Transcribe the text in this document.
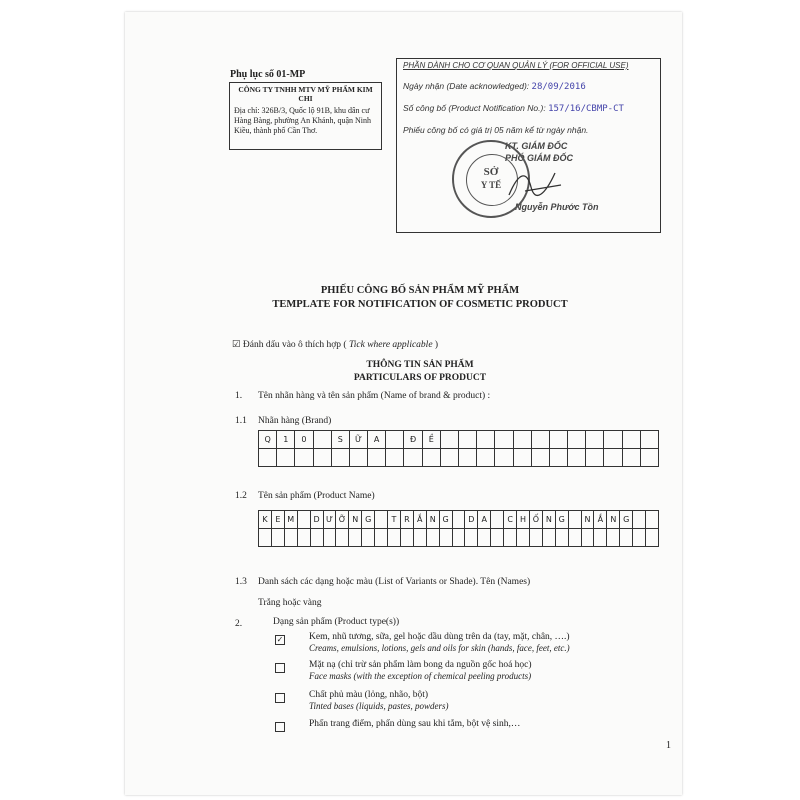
Phụ lục số 01-MP
CÔNG TY TNHH MTV MỸ PHẨM KIM CHI
Địa chỉ: 326B/3, Quốc lộ 91B, khu dân cư Hàng Bàng, phường An Khánh, quận Ninh Kiều, thành phố Cần Thơ.
PHẦN DÀNH CHO CƠ QUAN QUẢN LÝ (FOR OFFICIAL USE)
Ngày nhận (Date acknowledged): 28/09/2016
Số công bố (Product Notification No.): 157/16/CBMP-CT
Phiếu công bố có giá trị 05 năm kể từ ngày nhận.
KT. GIÁM ĐỐC
PHÓ GIÁM ĐỐC
Nguyễn Phước Tồn
SỞ
Y TẾ
PHIẾU CÔNG BỐ SẢN PHẨM MỸ PHẨM
TEMPLATE FOR NOTIFICATION OF COSMETIC PRODUCT
☑ Đánh dấu vào ô thích hợp ( Tick where applicable )
THÔNG TIN SẢN PHẨM
PARTICULARS OF PRODUCT
1. Tên nhãn hàng và tên sản phẩm (Name of brand & product) :
1.1 Nhãn hàng (Brand)
Q	1	0	S	Ữ	A	Đ	Ề
1.2 Tên sản phẩm (Product Name)
K E M	D Ư Ỡ N G	T R Ắ N G	D A	C H Ố N G	N Ắ N G
1.3 Danh sách các dạng hoặc màu (List of Variants or Shade). Tên (Names)
Trắng hoặc vàng
2.	Dạng sản phẩm (Product type(s))
✓	Kem, nhũ tương, sữa, gel hoặc dầu dùng trên da (tay, mặt, chân, ….)
Creams, emulsions, lotions, gels and oils for skin (hands, face, feet, etc.)
Mặt nạ (chỉ trừ sản phẩm làm bong da nguồn gốc hoá học)
Face masks (with the exception of chemical peeling products)
Chất phủ màu (lỏng, nhão, bột)
Tinted bases (liquids, pastes, powders)
Phấn trang điểm, phấn dùng sau khi tắm, bột vệ sinh,…
1
